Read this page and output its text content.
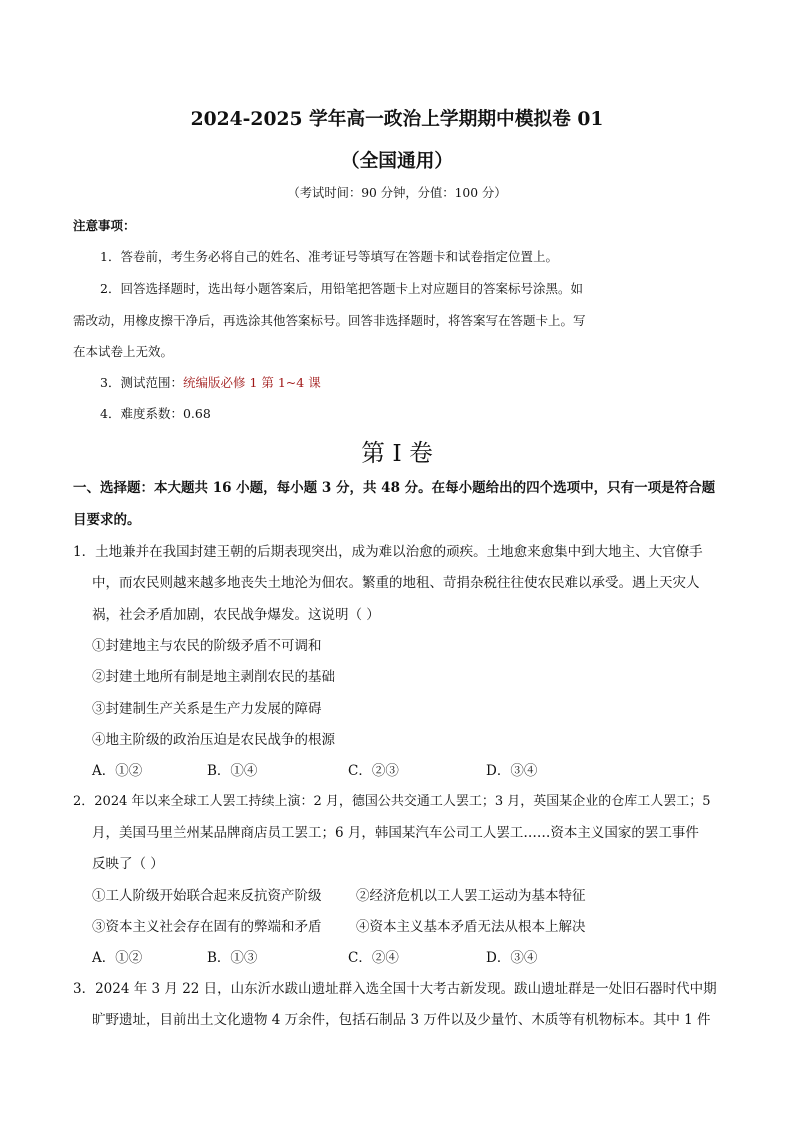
2024-2025 学年高一政治上学期期中模拟卷 01
（全国通用）
（考试时间：90 分钟，分值：100 分）
注意事项：
1．答卷前，考生务必将自己的姓名、准考证号等填写在答题卡和试卷指定位置上。
2．回答选择题时，选出每小题答案后，用铅笔把答题卡上对应题目的答案标号涂黑。如
需改动，用橡皮擦干净后，再选涂其他答案标号。回答非选择题时，将答案写在答题卡上。写
在本试卷上无效。
3．测试范围：统编版必修 1 第 1~4 课
4．难度系数：0.68
第 I 卷
一、选择题：本大题共 16 小题，每小题 3 分，共 48 分。在每小题给出的四个选项中，只有一项是符合题
目要求的。
1．土地兼并在我国封建王朝的后期表现突出，成为难以治愈的顽疾。土地愈来愈集中到大地主、大官僚手
中，而农民则越来越多地丧失土地沦为佃农。繁重的地租、苛捐杂税往往使农民难以承受。遇上天灾人
祸，社会矛盾加剧，农民战争爆发。这说明（ ）
①封建地主与农民的阶级矛盾不可调和
②封建土地所有制是地主剥削农民的基础
③封建制生产关系是生产力发展的障碍
④地主阶级的政治压迫是农民战争的根源
A．①②	B．①④	C．②③	D．③④
2．2024 年以来全球工人罢工持续上演：2 月，德国公共交通工人罢工；3 月，英国某企业的仓库工人罢工；5
月，美国马里兰州某品牌商店员工罢工；6 月，韩国某汽车公司工人罢工……资本主义国家的罢工事件
反映了（ ）
①工人阶级开始联合起来反抗资产阶级	②经济危机以工人罢工运动为基本特征
③资本主义社会存在固有的弊端和矛盾	④资本主义基本矛盾无法从根本上解决
A．①②	B．①③	C．②④	D．③④
3．2024 年 3 月 22 日，山东沂水跋山遗址群入选全国十大考古新发现。跋山遗址群是一处旧石器时代中期
旷野遗址，目前出土文化遗物 4 万余件，包括石制品 3 万件以及少量竹、木质等有机物标本。其中 1 件
